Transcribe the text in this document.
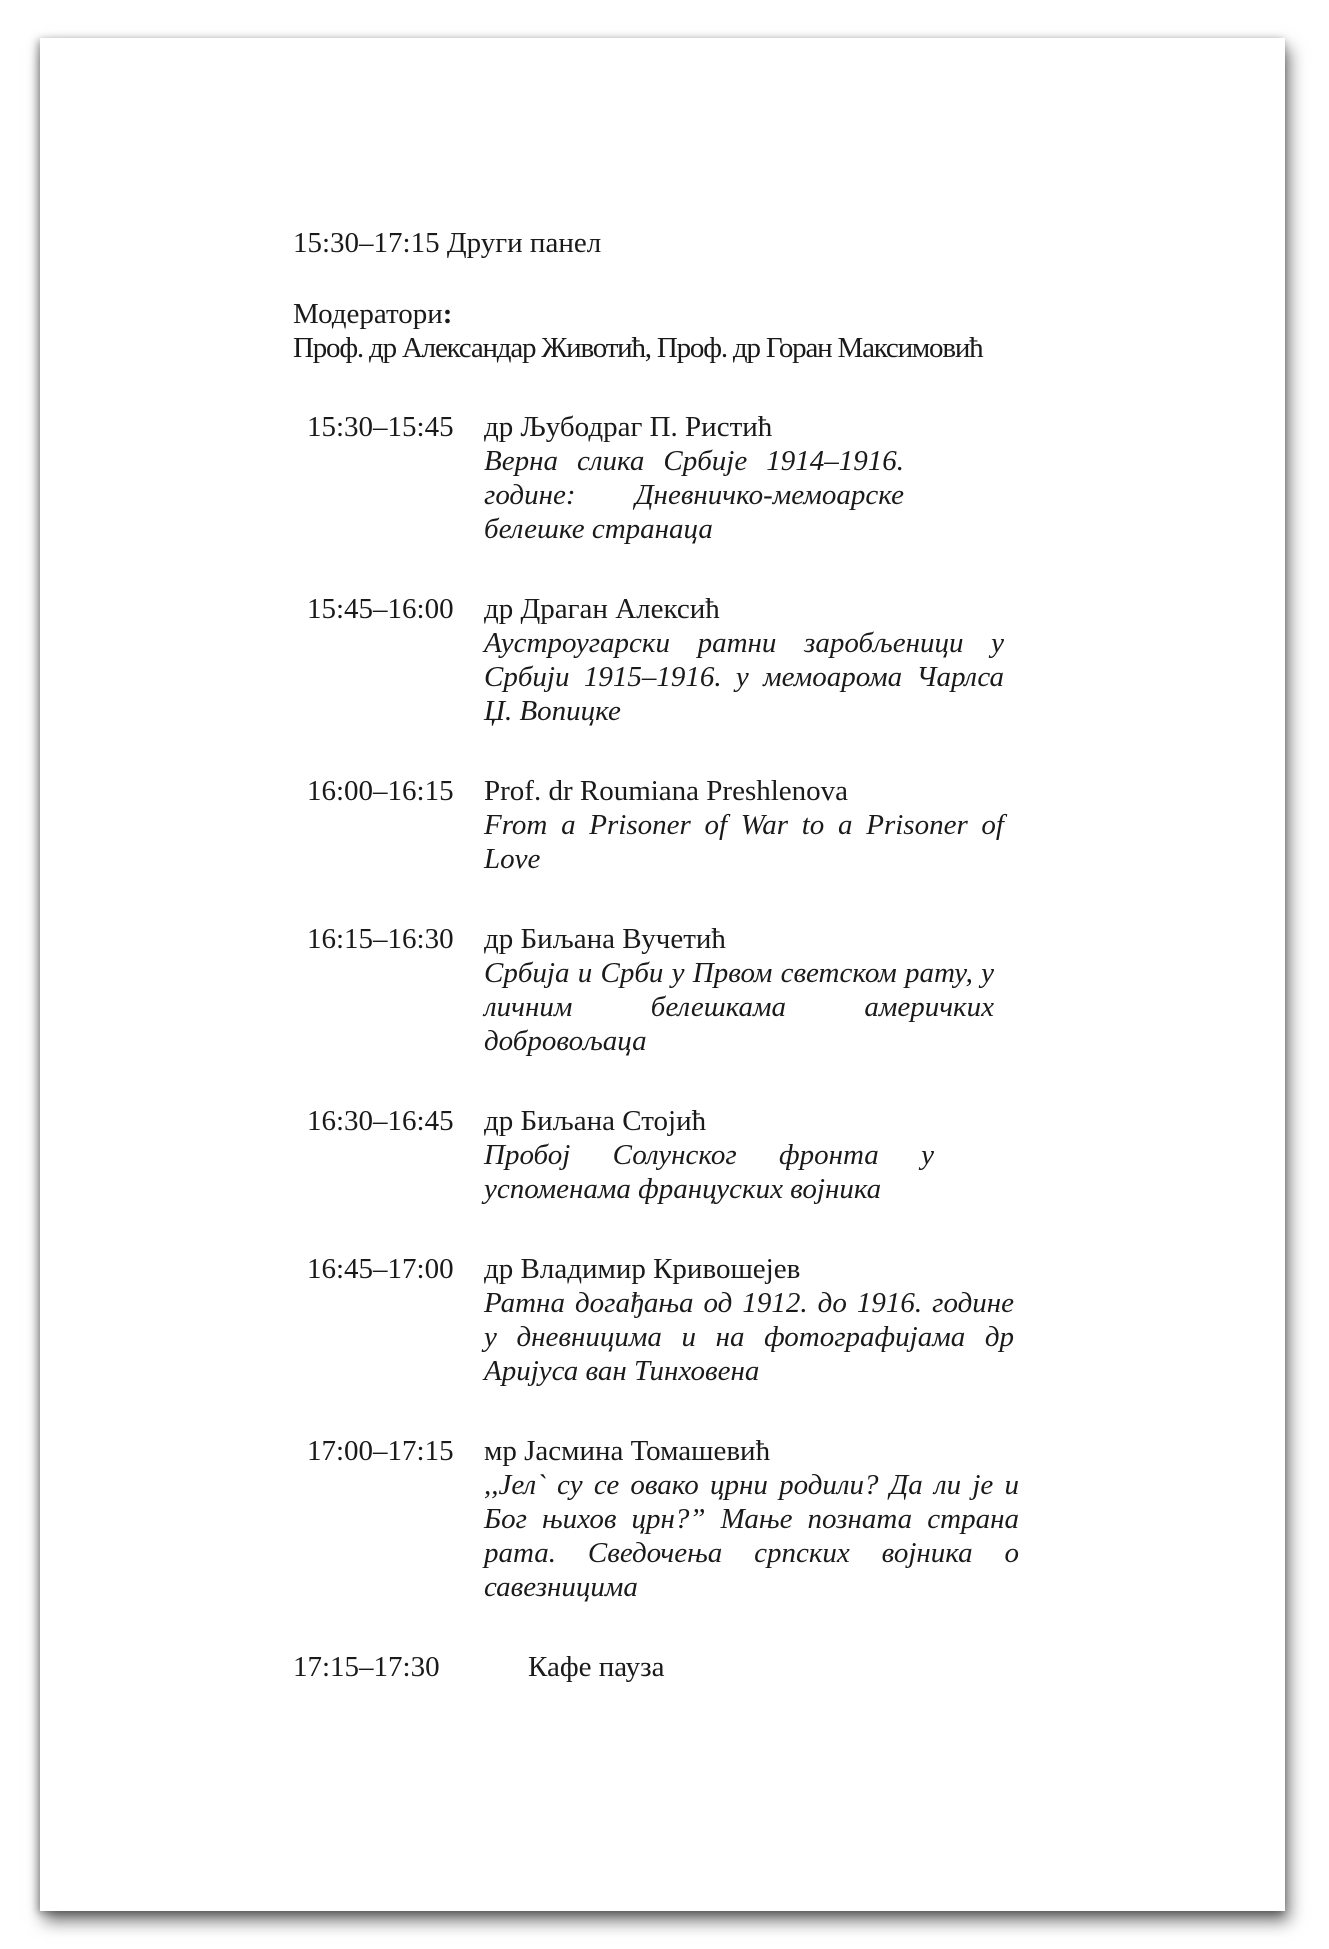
15:30–17:15 Други панел
Модератори:
Проф. др Александар Животић, Проф. др Горан Максимовић
15:30–15:45	др Љубодраг П. Ристић
Верна слика Србије 1914–1916. године: Дневничко-мемоарске белешке странаца
15:45–16:00	др Драган Алексић
Аустроугарски ратни заробљеници у Србији 1915–1916. у мемоарома Чарлса Џ. Вопицке
16:00–16:15	Prof. dr Roumiana Preshlenova
From a Prisoner of War to a Prisoner of Love
16:15–16:30	др Биљана Вучетић
Србија и Срби у Првом светском рату, у личним белешкама америчких добровољаца
16:30–16:45	др Биљана Стојић
Пробој Солунског фронта у успоменама француских војника
16:45–17:00	др Владимир Кривошејев
Ратна догађања од 1912. до 1916. године у дневницима и на фотографијама др Аријуса ван Тинховена
17:00–17:15	мр Јасмина Томашевић
,,Јел` су се овако црни родили? Да ли је и Бог њихов црн?” Мање позната страна рата. Сведочења српских војника о савезницима
17:15–17:30	Кафе пауза
